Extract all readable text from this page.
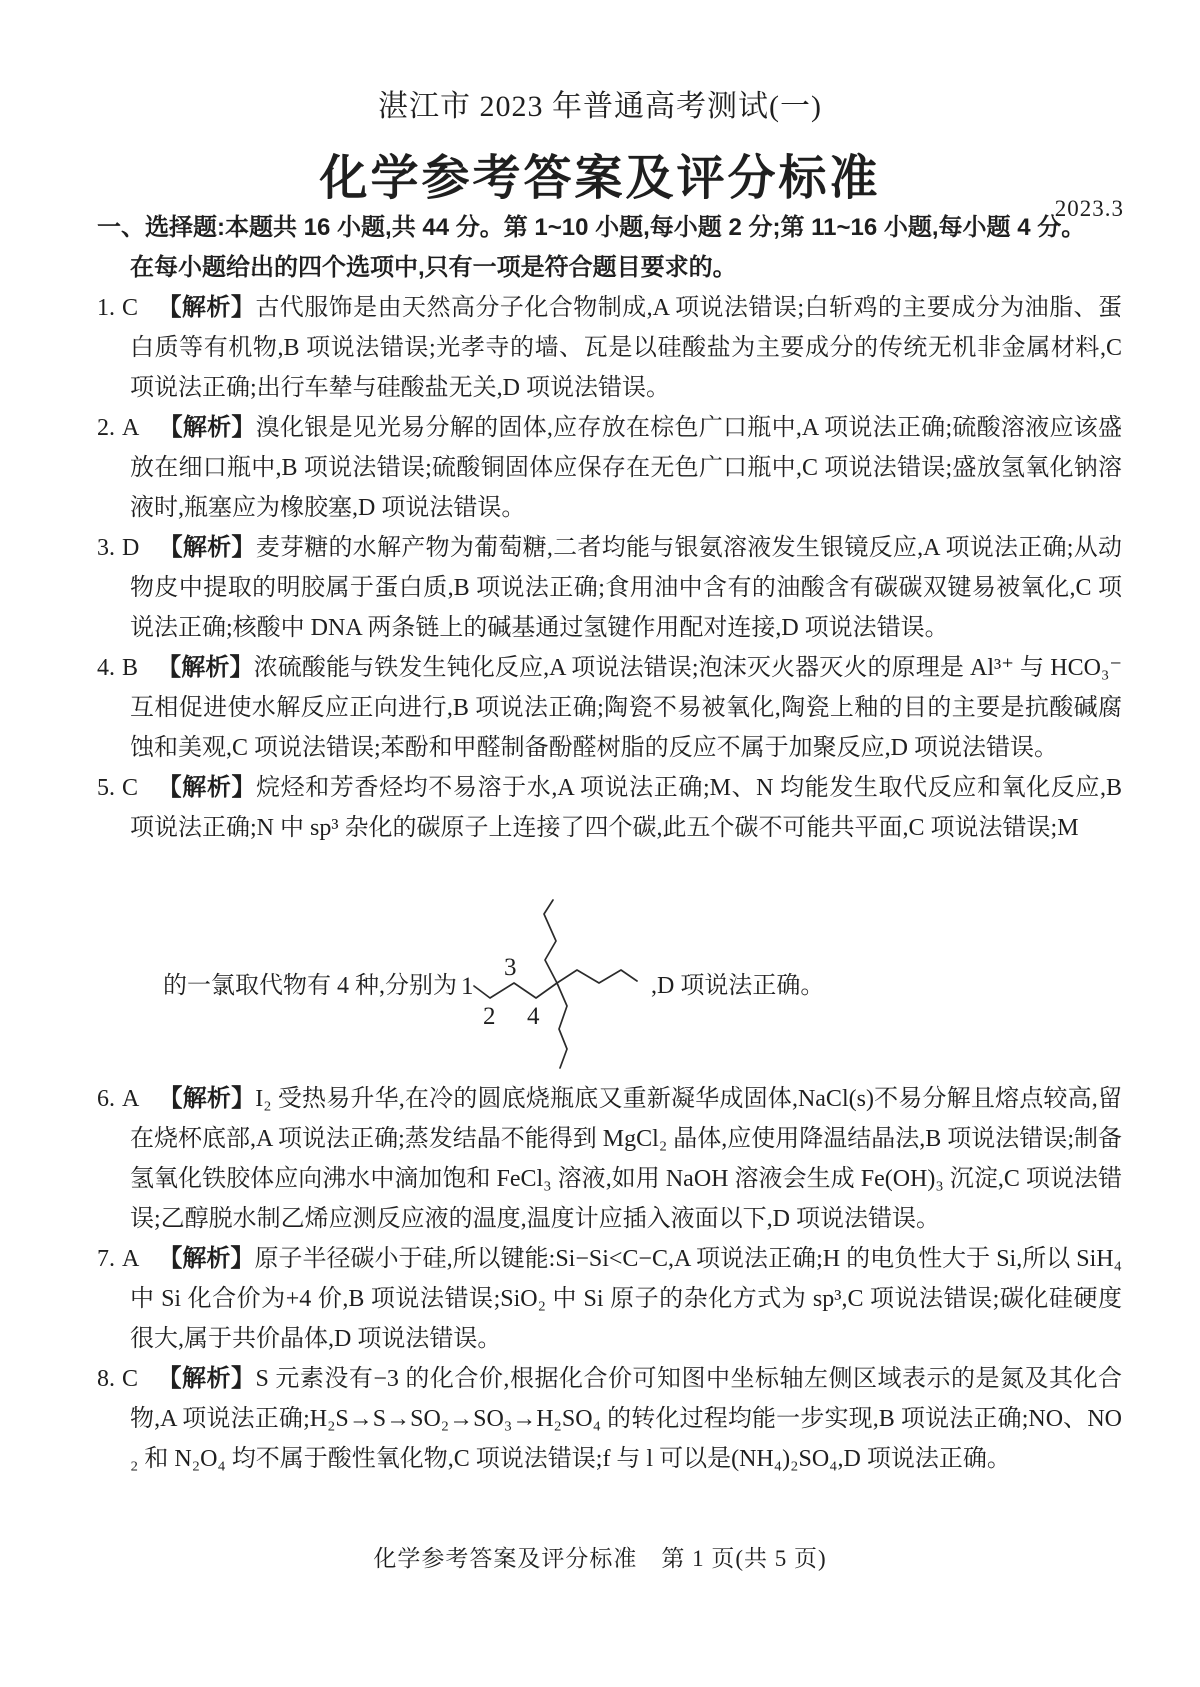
湛江市 2023 年普通高考测试(一)
化学参考答案及评分标准
2023.3
一、选择题:本题共 16 小题,共 44 分。第 1~10 小题,每小题 2 分;第 11~16 小题,每小题 4 分。
在每小题给出的四个选项中,只有一项是符合题目要求的。
1. C 【解析】古代服饰是由天然高分子化合物制成,A 项说法错误;白斩鸡的主要成分为油脂、蛋白质等有机物,B 项说法错误;光孝寺的墙、瓦是以硅酸盐为主要成分的传统无机非金属材料,C 项说法正确;出行车辇与硅酸盐无关,D 项说法错误。
2. A 【解析】溴化银是见光易分解的固体,应存放在棕色广口瓶中,A 项说法正确;硫酸溶液应该盛放在细口瓶中,B 项说法错误;硫酸铜固体应保存在无色广口瓶中,C 项说法错误;盛放氢氧化钠溶液时,瓶塞应为橡胶塞,D 项说法错误。
3. D 【解析】麦芽糖的水解产物为葡萄糖,二者均能与银氨溶液发生银镜反应,A 项说法正确;从动物皮中提取的明胶属于蛋白质,B 项说法正确;食用油中含有的油酸含有碳碳双键易被氧化,C 项说法正确;核酸中 DNA 两条链上的碱基通过氢键作用配对连接,D 项说法错误。
4. B 【解析】浓硫酸能与铁发生钝化反应,A 项说法错误;泡沫灭火器灭火的原理是 Al³⁺ 与 HCO₃⁻ 互相促进使水解反应正向进行,B 项说法正确;陶瓷不易被氧化,陶瓷上釉的目的主要是抗酸碱腐蚀和美观,C 项说法错误;苯酚和甲醛制备酚醛树脂的反应不属于加聚反应,D 项说法错误。
5. C 【解析】烷烃和芳香烃均不易溶于水,A 项说法正确;M、N 均能发生取代反应和氧化反应,B 项说法正确;N 中 sp³ 杂化的碳原子上连接了四个碳,此五个碳不可能共平面,C 项说法错误;M
的一氯取代物有 4 种,分别为 1
2
3
4
,D 项说法正确。
6. A 【解析】I₂ 受热易升华,在冷的圆底烧瓶底又重新凝华成固体,NaCl(s)不易分解且熔点较高,留在烧杯底部,A 项说法正确;蒸发结晶不能得到 MgCl₂ 晶体,应使用降温结晶法,B 项说法错误;制备氢氧化铁胶体应向沸水中滴加饱和 FeCl₃ 溶液,如用 NaOH 溶液会生成 Fe(OH)₃ 沉淀,C 项说法错误;乙醇脱水制乙烯应测反应液的温度,温度计应插入液面以下,D 项说法错误。
7. A 【解析】原子半径碳小于硅,所以键能:Si−Si<C−C,A 项说法正确;H 的电负性大于 Si,所以 SiH₄ 中 Si 化合价为+4 价,B 项说法错误;SiO₂ 中 Si 原子的杂化方式为 sp³,C 项说法错误;碳化硅硬度很大,属于共价晶体,D 项说法错误。
8. C 【解析】S 元素没有−3 的化合价,根据化合价可知图中坐标轴左侧区域表示的是氮及其化合物,A 项说法正确;H₂S→S→SO₂→SO₃→H₂SO₄ 的转化过程均能一步实现,B 项说法正确;NO、NO₂ 和 N₂O₄ 均不属于酸性氧化物,C 项说法错误;f 与 l 可以是(NH₄)₂SO₄,D 项说法正确。
化学参考答案及评分标准　第 1 页(共 5 页)
